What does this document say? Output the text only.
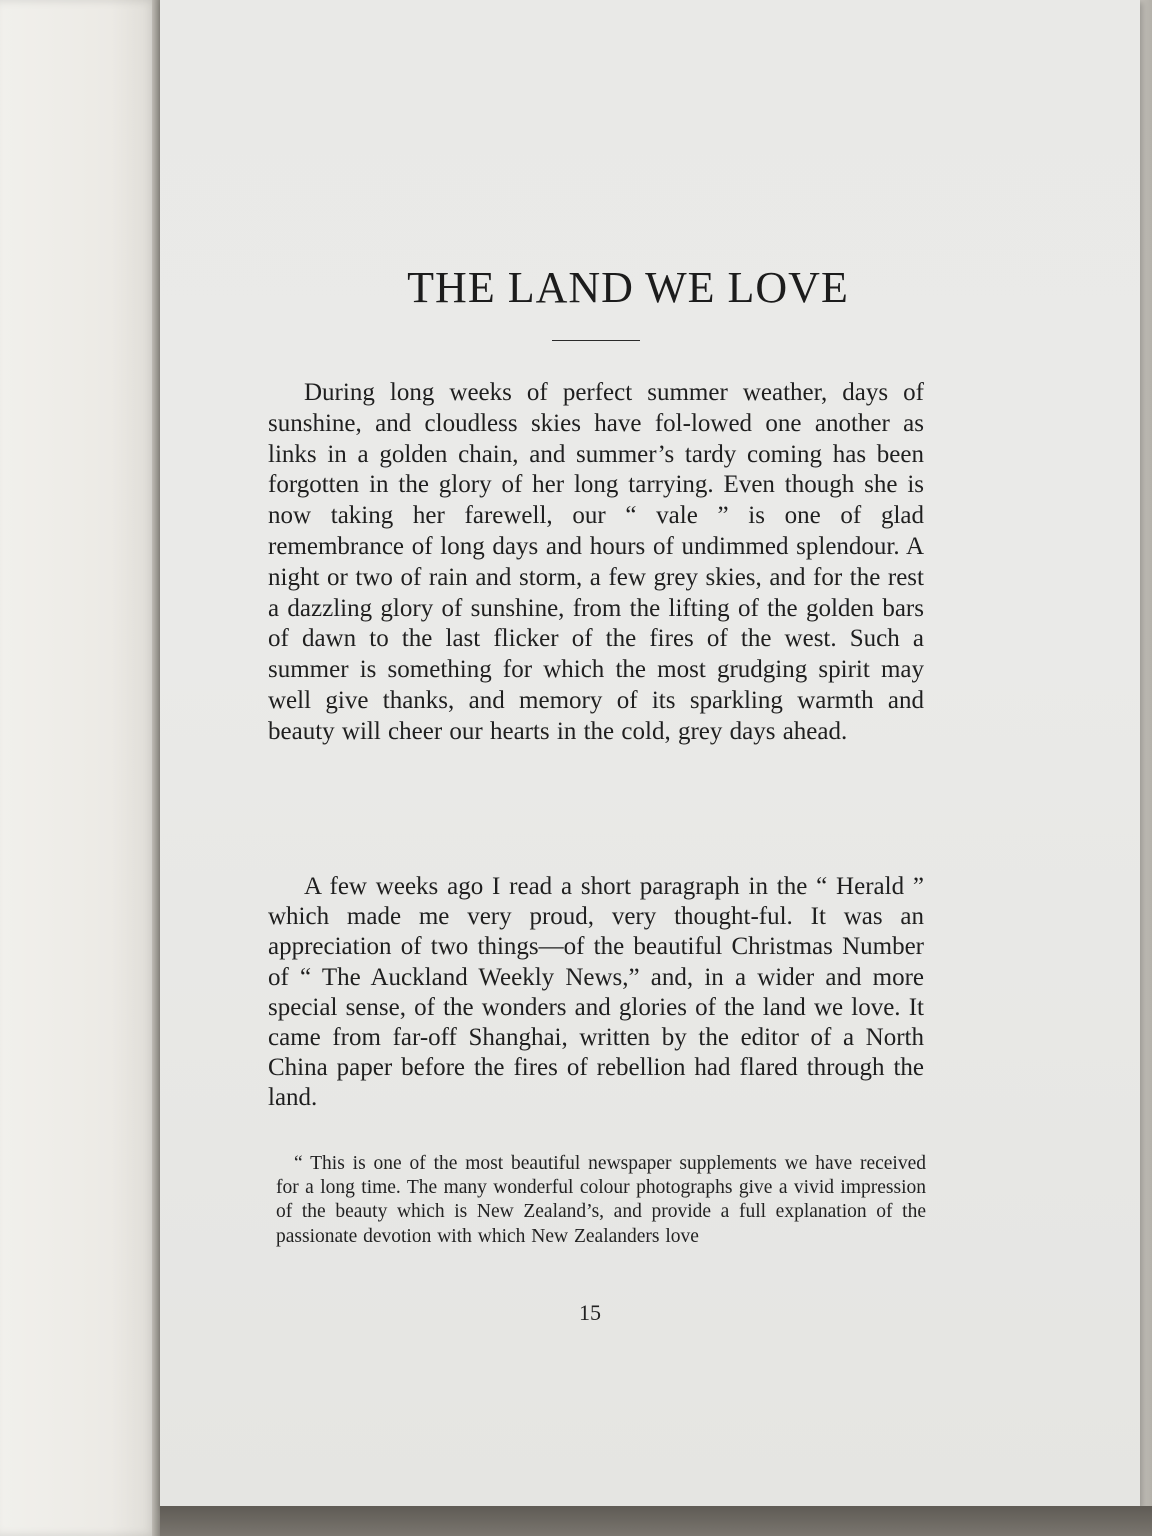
THE LAND WE LOVE

During long weeks of perfect summer weather, days of sunshine, and cloudless skies have fol-lowed one another as links in a golden chain, and summer’s tardy coming has been forgotten in the glory of her long tarrying. Even though she is now taking her farewell, our “ vale ” is one of glad remembrance of long days and hours of undimmed splendour. A night or two of rain and storm, a few grey skies, and for the rest a dazzling glory of sunshine, from the lifting of the golden bars of dawn to the last flicker of the fires of the west. Such a summer is something for which the most grudging spirit may well give thanks, and memory of its sparkling warmth and beauty will cheer our hearts in the cold, grey days ahead.

A few weeks ago I read a short paragraph in the “ Herald ” which made me very proud, very thought-ful. It was an appreciation of two things—of the beautiful Christmas Number of “ The Auckland Weekly News,” and, in a wider and more special sense, of the wonders and glories of the land we love. It came from far-off Shanghai, written by the editor of a North China paper before the fires of rebellion had flared through the land.

“ This is one of the most beautiful newspaper supplements we have received for a long time. The many wonderful colour photographs give a vivid impression of the beauty which is New Zealand’s, and provide a full explanation of the passionate devotion with which New Zealanders love

15
